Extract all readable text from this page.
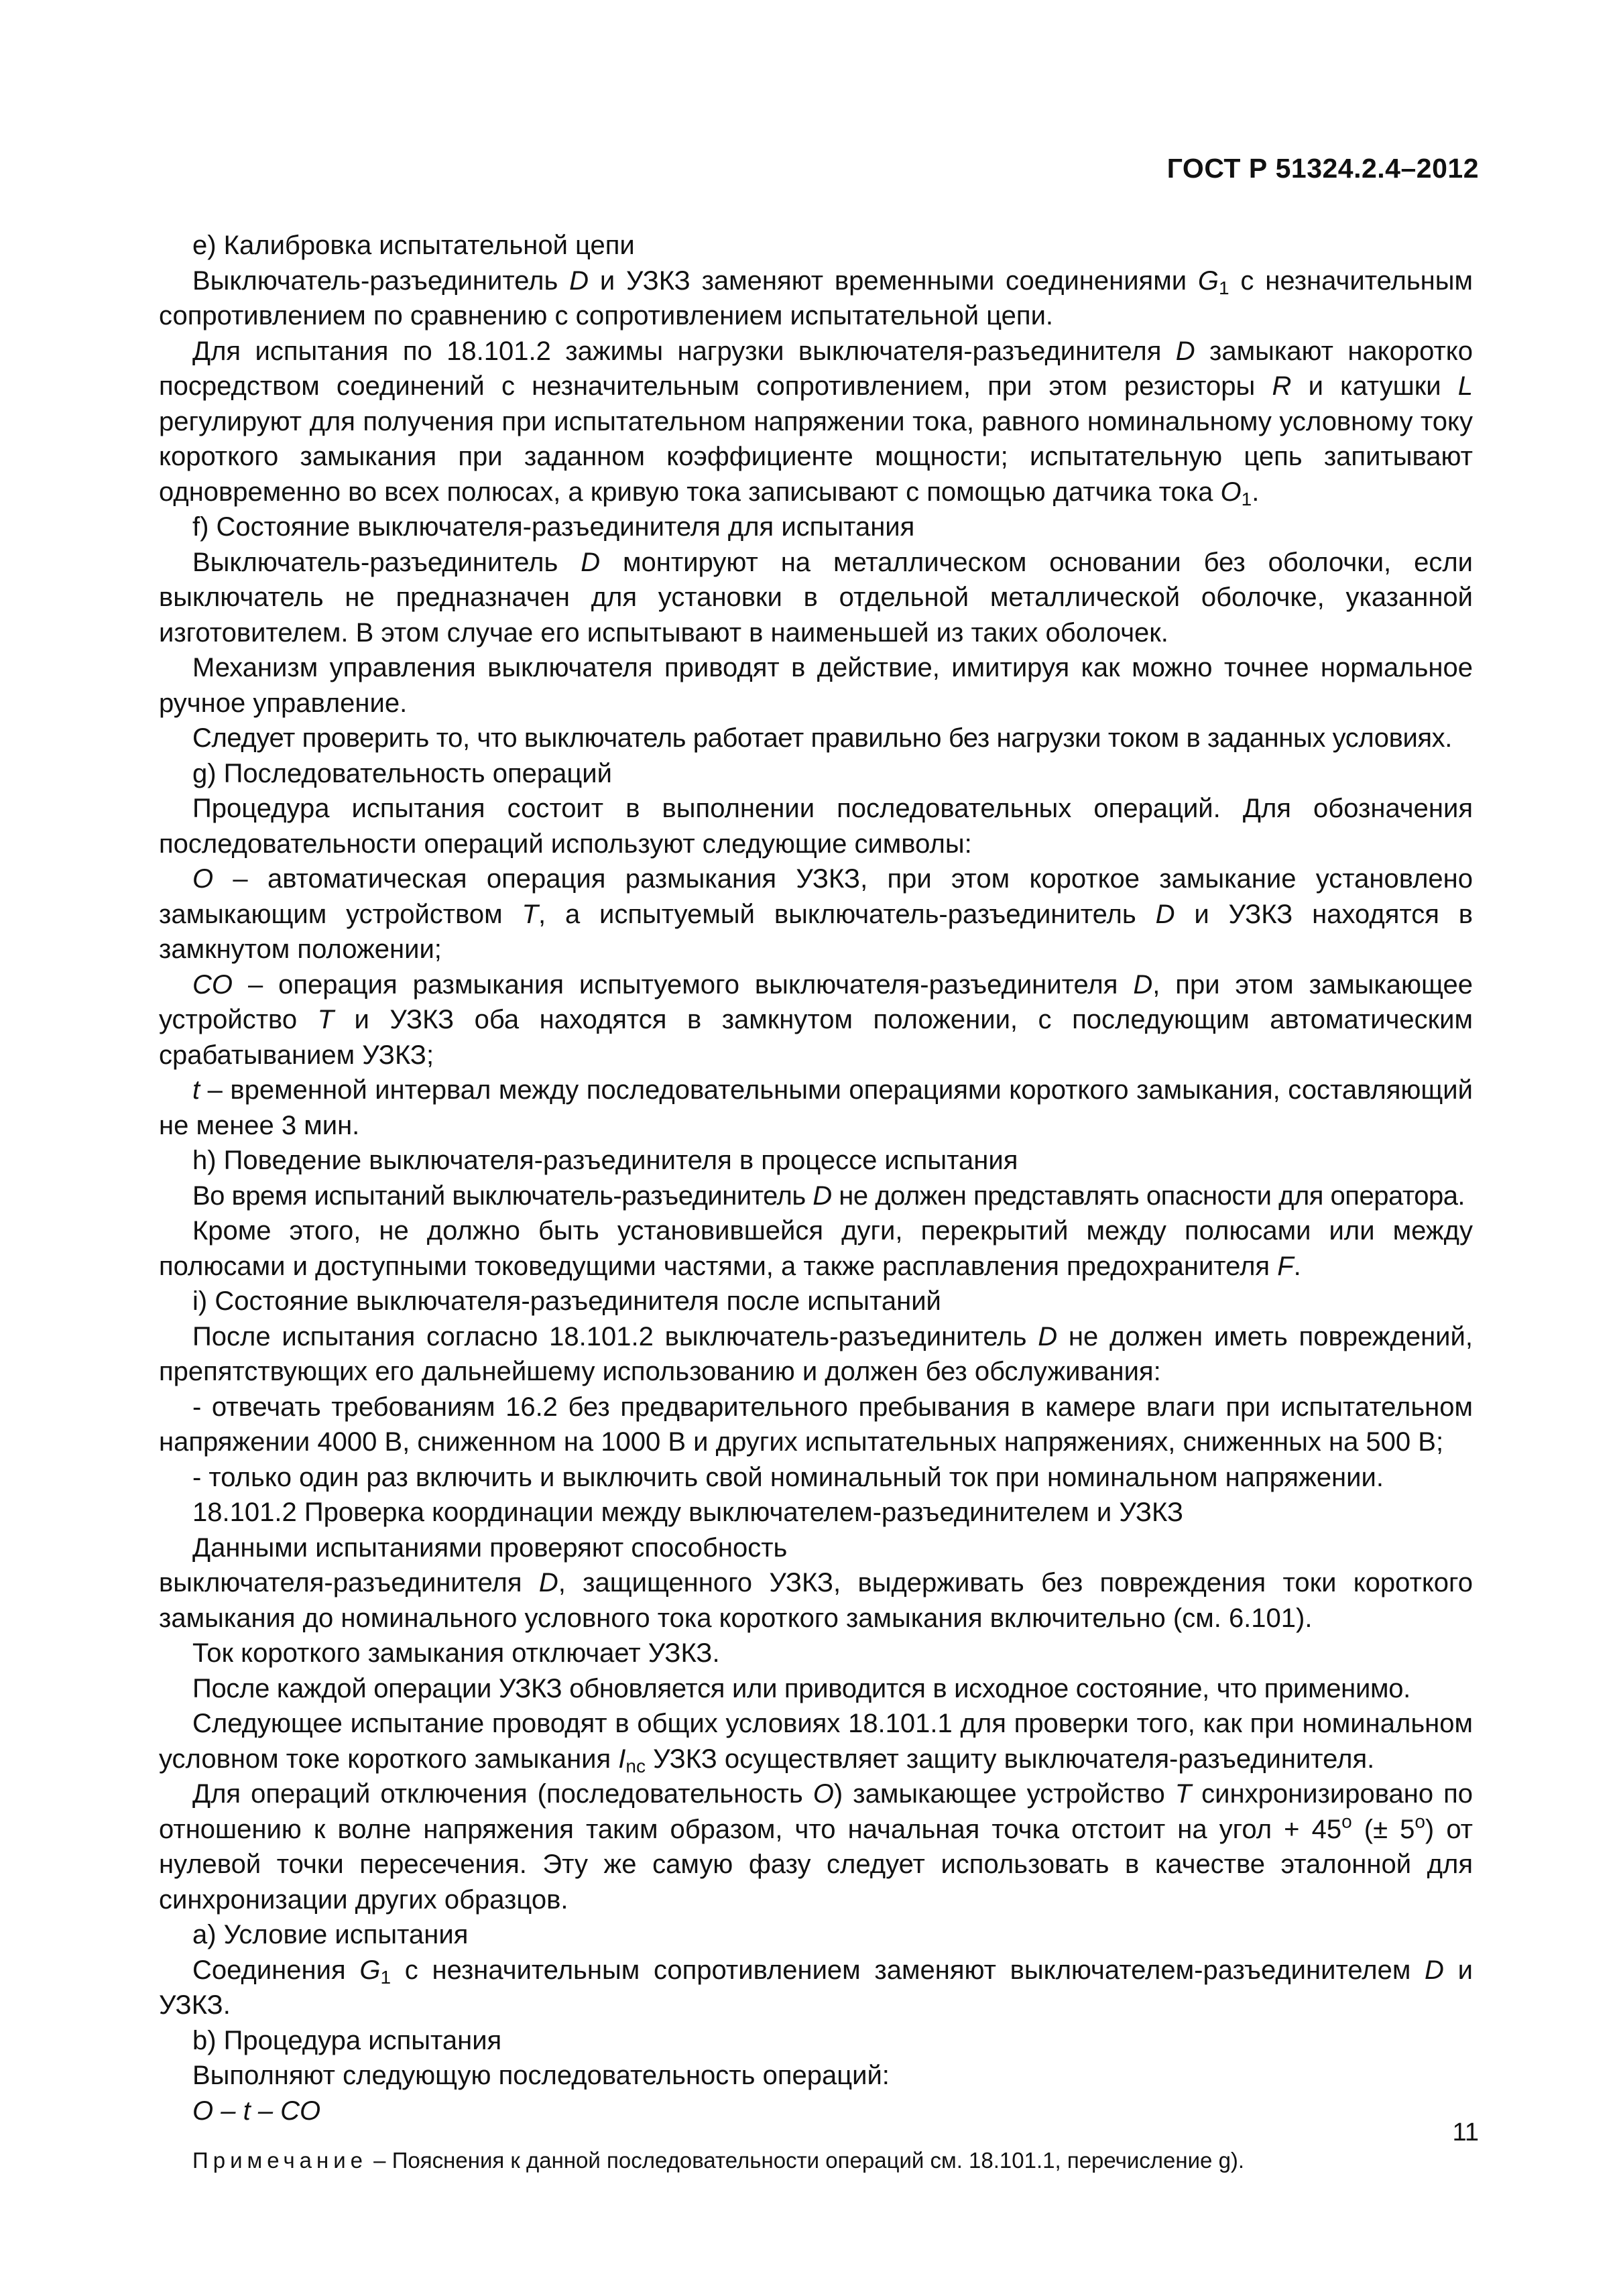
ГОСТ Р 51324.2.4–2012

e) Калибровка испытательной цепи

Выключатель-разъединитель D и УЗКЗ заменяют временными соединениями $G_1$ с незначительным сопротивлением по сравнению с сопротивлением испытательной цепи.

Для испытания по 18.101.2 зажимы нагрузки выключателя-разъединителя D замыкают накоротко посредством соединений с незначительным сопротивлением, при этом резисторы R и катушки L регулируют для получения при испытательном напряжении тока, равного номинальному условному току короткого замыкания при заданном коэффициенте мощности; испытательную цепь запитывают одновременно во всех полюсах, а кривую тока записывают с помощью датчика тока $O_1$.

f) Состояние выключателя-разъединителя для испытания

Выключатель-разъединитель D монтируют на металлическом основании без оболочки, если выключатель не предназначен для установки в отдельной металлической оболочке, указанной изготовителем. В этом случае его испытывают в наименьшей из таких оболочек.

Механизм управления выключателя приводят в действие, имитируя как можно точнее нормальное ручное управление.

Следует проверить то, что выключатель работает правильно без нагрузки током в заданных условиях.

g) Последовательность операций

Процедура испытания состоит в выполнении последовательных операций. Для обозначения последовательности операций используют следующие символы:

O – автоматическая операция размыкания УЗКЗ, при этом короткое замыкание установлено замыкающим устройством T, а испытуемый выключатель-разъединитель D и УЗКЗ находятся в замкнутом положении;

CO – операция размыкания испытуемого выключателя-разъединителя D, при этом замыкающее устройство T и УЗКЗ оба находятся в замкнутом положении, с последующим автоматическим срабатыванием УЗКЗ;

t – временной интервал между последовательными операциями короткого замыкания, составляющий не менее 3 мин.

h) Поведение выключателя-разъединителя в процессе испытания

Во время испытаний выключатель-разъединитель D не должен представлять опасности для оператора.

Кроме этого, не должно быть установившейся дуги, перекрытий между полюсами или между полюсами и доступными токоведущими частями, а также расплавления предохранителя F.

i) Состояние выключателя-разъединителя после испытаний

После испытания согласно 18.101.2 выключатель-разъединитель D не должен иметь повреждений, препятствующих его дальнейшему использованию и должен без обслуживания:

- отвечать требованиям 16.2 без предварительного пребывания в камере влаги при испытательном напряжении 4000 В, сниженном на 1000 В и других испытательных напряжениях, сниженных на 500 В;

- только один раз включить и выключить свой номинальный ток при номинальном напряжении.

18.101.2 Проверка координации между выключателем-разъединителем и УЗКЗ

Данными испытаниями проверяют способность

выключателя-разъединителя D, защищенного УЗКЗ, выдерживать без повреждения токи короткого замыкания до номинального условного тока короткого замыкания включительно (см. 6.101).

Ток короткого замыкания отключает УЗКЗ.

После каждой операции УЗКЗ обновляется или приводится в исходное состояние, что применимо.

Следующее испытание проводят в общих условиях 18.101.1 для проверки того, как при номинальном условном токе короткого замыкания $I_{nc}$ УЗКЗ осуществляет защиту выключателя-разъединителя.

Для операций отключения (последовательность O) замыкающее устройство T синхронизировано по отношению к волне напряжения таким образом, что начальная точка отстоит на угол + $45^о$ (± $5^о$) от нулевой точки пересечения. Эту же самую фазу следует использовать в качестве эталонной для синхронизации других образцов.

a) Условие испытания

Соединения $G_1$ с незначительным сопротивлением заменяют выключателем-разъединителем D и УЗКЗ.

b) Процедура испытания

Выполняют следующую последовательность операций:

O – t – CO

Примечание – Пояснения к данной последовательности операций см. 18.101.1, перечисление g).

11
